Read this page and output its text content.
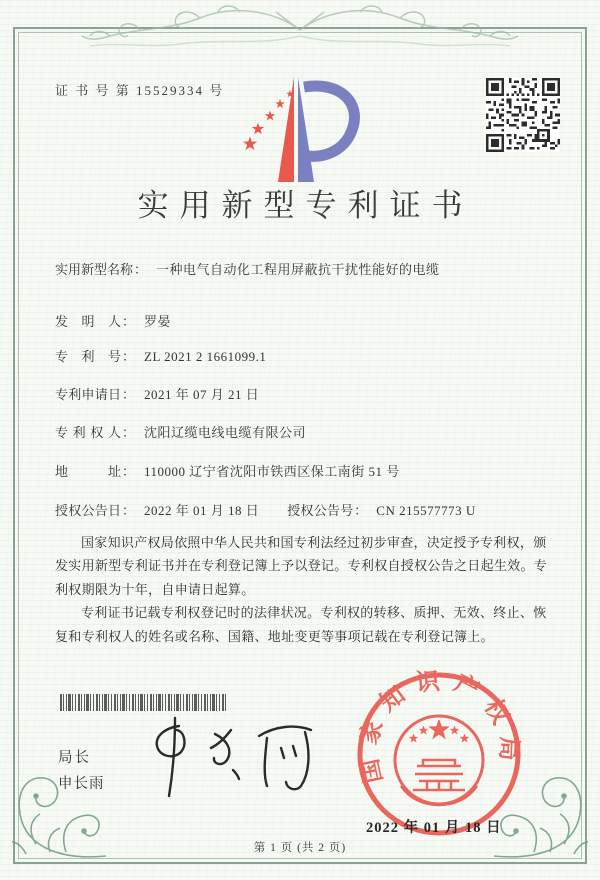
证 书 号 第 15529334 号
实用新型专利证书
实用新型名称 ： 一种电气自动化工程用屏蔽抗干扰性能好的电缆
发明人 ： 罗晏
专利号 ： ZL 2021 2 1661099.1
专利申请日 ： 2021 年 07 月 21 日
专利权人 ： 沈阳辽缆电线电缆有限公司
地址 ： 110000 辽宁省沈阳市铁西区保工南街 51 号
授权公告日 ： 2022 年 01 月 18 日 授权公告号 ： CN 215577773 U

国家知识产权局依照中华人民共和国专利法经过初步审查，决定授予专利权，颁发实用新型专利证书并在专利登记簿上予以登记。专利权自授权公告之日起生效。专利权期限为十年，自申请日起算。

专利证书记载专利权登记时的法律状况。专利权的转移、质押、无效、终止、恢复和专利权人的姓名或名称、国籍、地址变更等事项记载在专利登记簿上。

局长
申长雨	国家知识产权局
2022 年 01 月 18 日
第 1 页 (共 2 页)
